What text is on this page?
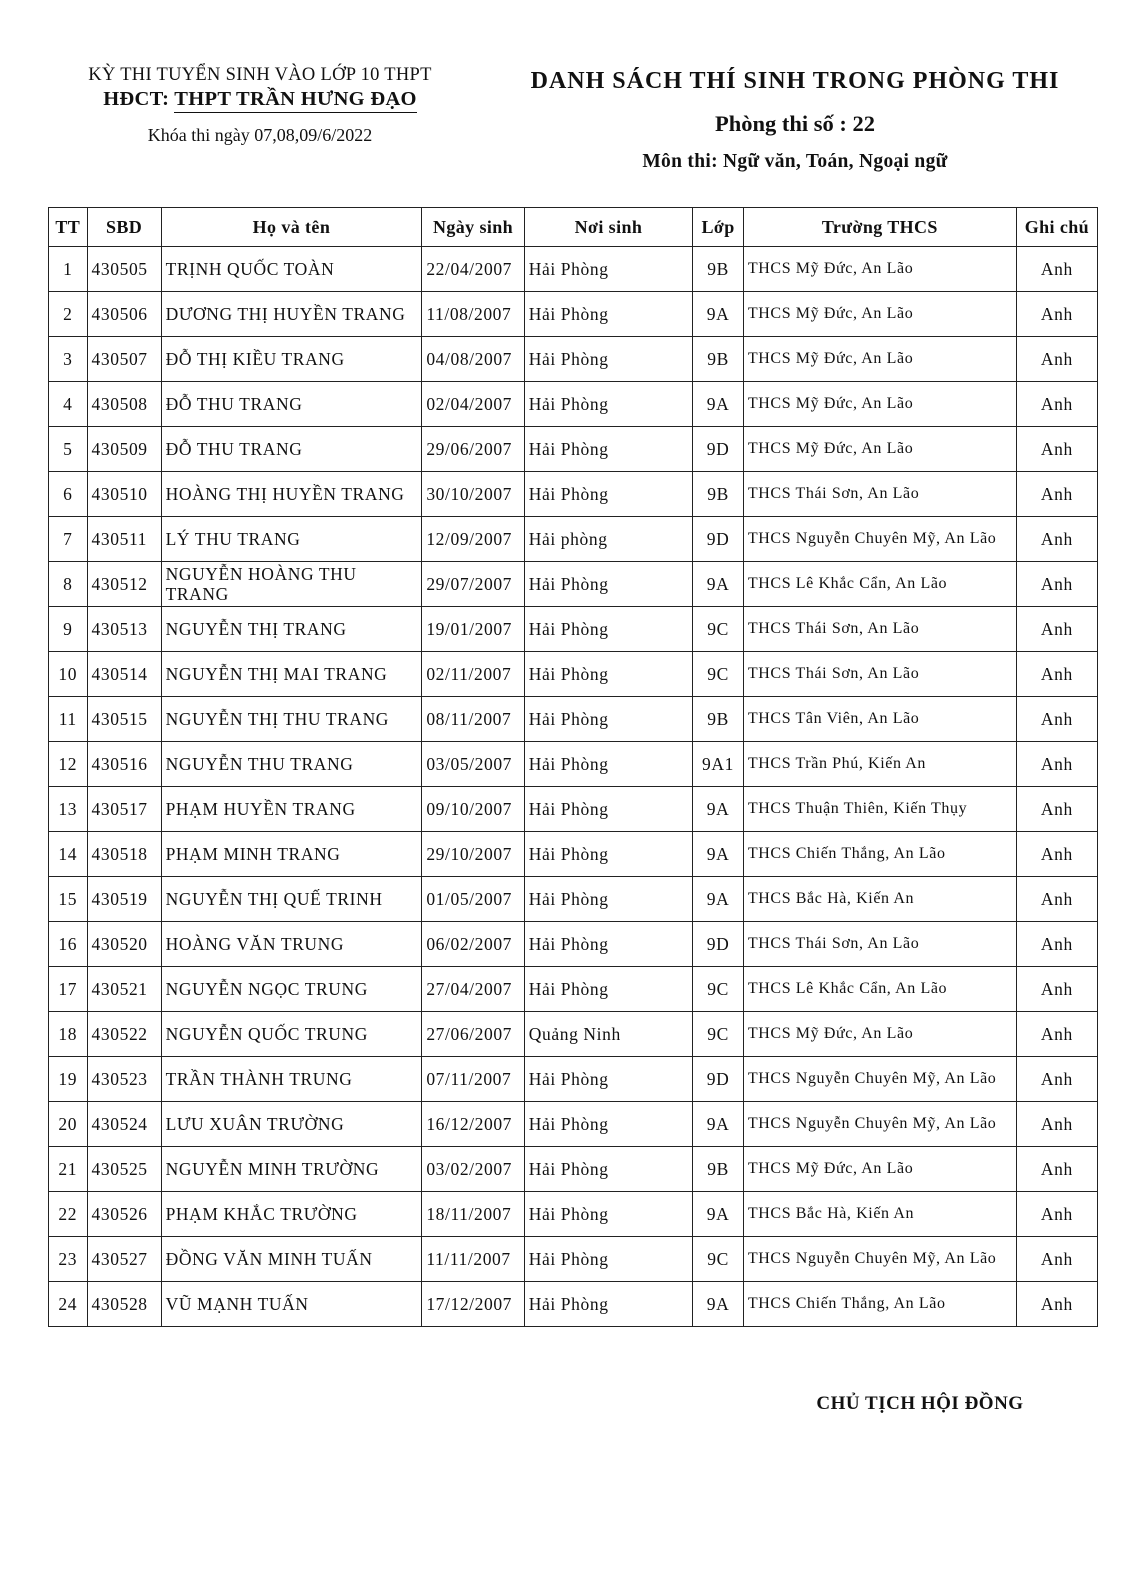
KỲ THI TUYỂN SINH VÀO LỚP 10 THPT
HĐCT: THPT TRẦN HƯNG ĐẠO
Khóa thi ngày 07,08,09/6/2022
DANH SÁCH THÍ SINH TRONG PHÒNG THI
Phòng thi số : 22
Môn thi: Ngữ văn, Toán, Ngoại ngữ
TT	SBD	Họ và tên	Ngày sinh	Nơi sinh	Lớp	Trường THCS	Ghi chú
1	430505	TRỊNH QUỐC TOÀN	22/04/2007	Hải Phòng	9B	THCS Mỹ Đức, An Lão	Anh
2	430506	DƯƠNG THỊ HUYỀN TRANG	11/08/2007	Hải Phòng	9A	THCS Mỹ Đức, An Lão	Anh
3	430507	ĐỖ THỊ KIỀU TRANG	04/08/2007	Hải Phòng	9B	THCS Mỹ Đức, An Lão	Anh
4	430508	ĐỖ THU TRANG	02/04/2007	Hải Phòng	9A	THCS Mỹ Đức, An Lão	Anh
5	430509	ĐỖ THU TRANG	29/06/2007	Hải Phòng	9D	THCS Mỹ Đức, An Lão	Anh
6	430510	HOÀNG THỊ HUYỀN TRANG	30/10/2007	Hải Phòng	9B	THCS Thái Sơn, An Lão	Anh
7	430511	LÝ THU TRANG	12/09/2007	Hải phòng	9D	THCS Nguyễn Chuyên Mỹ, An Lão	Anh
8	430512	NGUYỄN HOÀNG THU TRANG	29/07/2007	Hải Phòng	9A	THCS Lê Khắc Cẩn, An Lão	Anh
9	430513	NGUYỄN THỊ TRANG	19/01/2007	Hải Phòng	9C	THCS Thái Sơn, An Lão	Anh
10	430514	NGUYỄN THỊ MAI TRANG	02/11/2007	Hải Phòng	9C	THCS Thái Sơn, An Lão	Anh
11	430515	NGUYỄN THỊ THU TRANG	08/11/2007	Hải Phòng	9B	THCS Tân Viên, An Lão	Anh
12	430516	NGUYỄN THU TRANG	03/05/2007	Hải Phòng	9A1	THCS Trần Phú, Kiến An	Anh
13	430517	PHẠM HUYỀN TRANG	09/10/2007	Hải Phòng	9A	THCS Thuận Thiên, Kiến Thụy	Anh
14	430518	PHẠM MINH TRANG	29/10/2007	Hải Phòng	9A	THCS Chiến Thắng, An Lão	Anh
15	430519	NGUYỄN THỊ QUẾ TRINH	01/05/2007	Hải Phòng	9A	THCS Bắc Hà, Kiến An	Anh
16	430520	HOÀNG VĂN TRUNG	06/02/2007	Hải Phòng	9D	THCS Thái Sơn, An Lão	Anh
17	430521	NGUYỄN NGỌC TRUNG	27/04/2007	Hải Phòng	9C	THCS Lê Khắc Cẩn, An Lão	Anh
18	430522	NGUYỄN QUỐC TRUNG	27/06/2007	Quảng Ninh	9C	THCS Mỹ Đức, An Lão	Anh
19	430523	TRẦN THÀNH TRUNG	07/11/2007	Hải Phòng	9D	THCS Nguyễn Chuyên Mỹ, An Lão	Anh
20	430524	LƯU XUÂN TRƯỜNG	16/12/2007	Hải Phòng	9A	THCS Nguyễn Chuyên Mỹ, An Lão	Anh
21	430525	NGUYỄN MINH TRƯỜNG	03/02/2007	Hải Phòng	9B	THCS Mỹ Đức, An Lão	Anh
22	430526	PHẠM KHẮC TRƯỜNG	18/11/2007	Hải Phòng	9A	THCS Bắc Hà, Kiến An	Anh
23	430527	ĐỒNG VĂN MINH TUẤN	11/11/2007	Hải Phòng	9C	THCS Nguyễn Chuyên Mỹ, An Lão	Anh
24	430528	VŨ MẠNH TUẤN	17/12/2007	Hải Phòng	9A	THCS Chiến Thắng, An Lão	Anh
CHỦ TỊCH HỘI ĐỒNG
